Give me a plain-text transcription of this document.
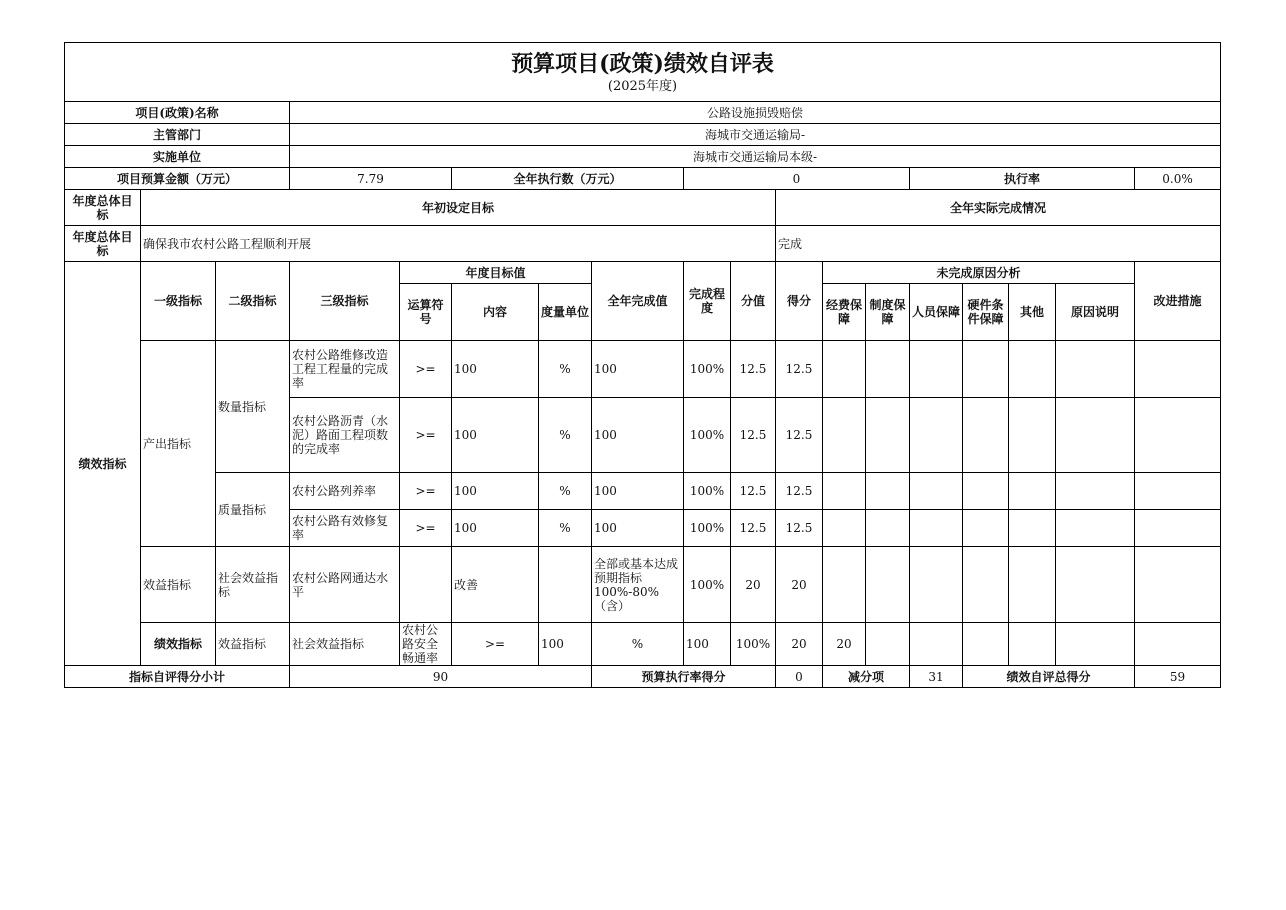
预算项目(政策)绩效自评表
(2025年度)
项目(政策)名称			公路设施损毁赔偿															
主管部门			海城市交通运输局-															
实施单位			海城市交通运输局本级-															
项目预算金额（万元）			7.79		全年执行数（万元）			0					执行率				0.0%	
年度总体目标	年初设定目标									全年实际完成情况								
年度总体目标	确保我市农村公路工程顺利开展									完成								
绩效指标	一级指标	二级指标	三级指标	年度目标值			全年完成值	完成程度	分值	得分	未完成原因分析						改进措施	
				运算符号	内容	度量单位					经费保障	制度保障	人员保障	硬件条件保障	其他	原因说明		
	产出指标	数量指标	农村公路维修改造工程工程量的完成率	>=	100	%	100	100%	12.5	12.5								
			农村公路沥青（水泥）路面工程项数的完成率	>=	100	%	100	100%	12.5	12.5								
		质量指标	农村公路列养率	>=	100	%	100	100%	12.5	12.5								
			农村公路有效修复率	>=	100	%	100	100%	12.5	12.5								
	效益指标	社会效益指标	农村公路网通达水平		改善		全部或基本达成预期指标100%-80%（含）	100%	20	20								
	绩效指标	效益指标	社会效益指标	农村公路安全畅通率	>=	100	%	100	100%	20	20							
指标自评得分小计			90				预算执行率得分			0	减分项		31	绩效自评总得分			59	
